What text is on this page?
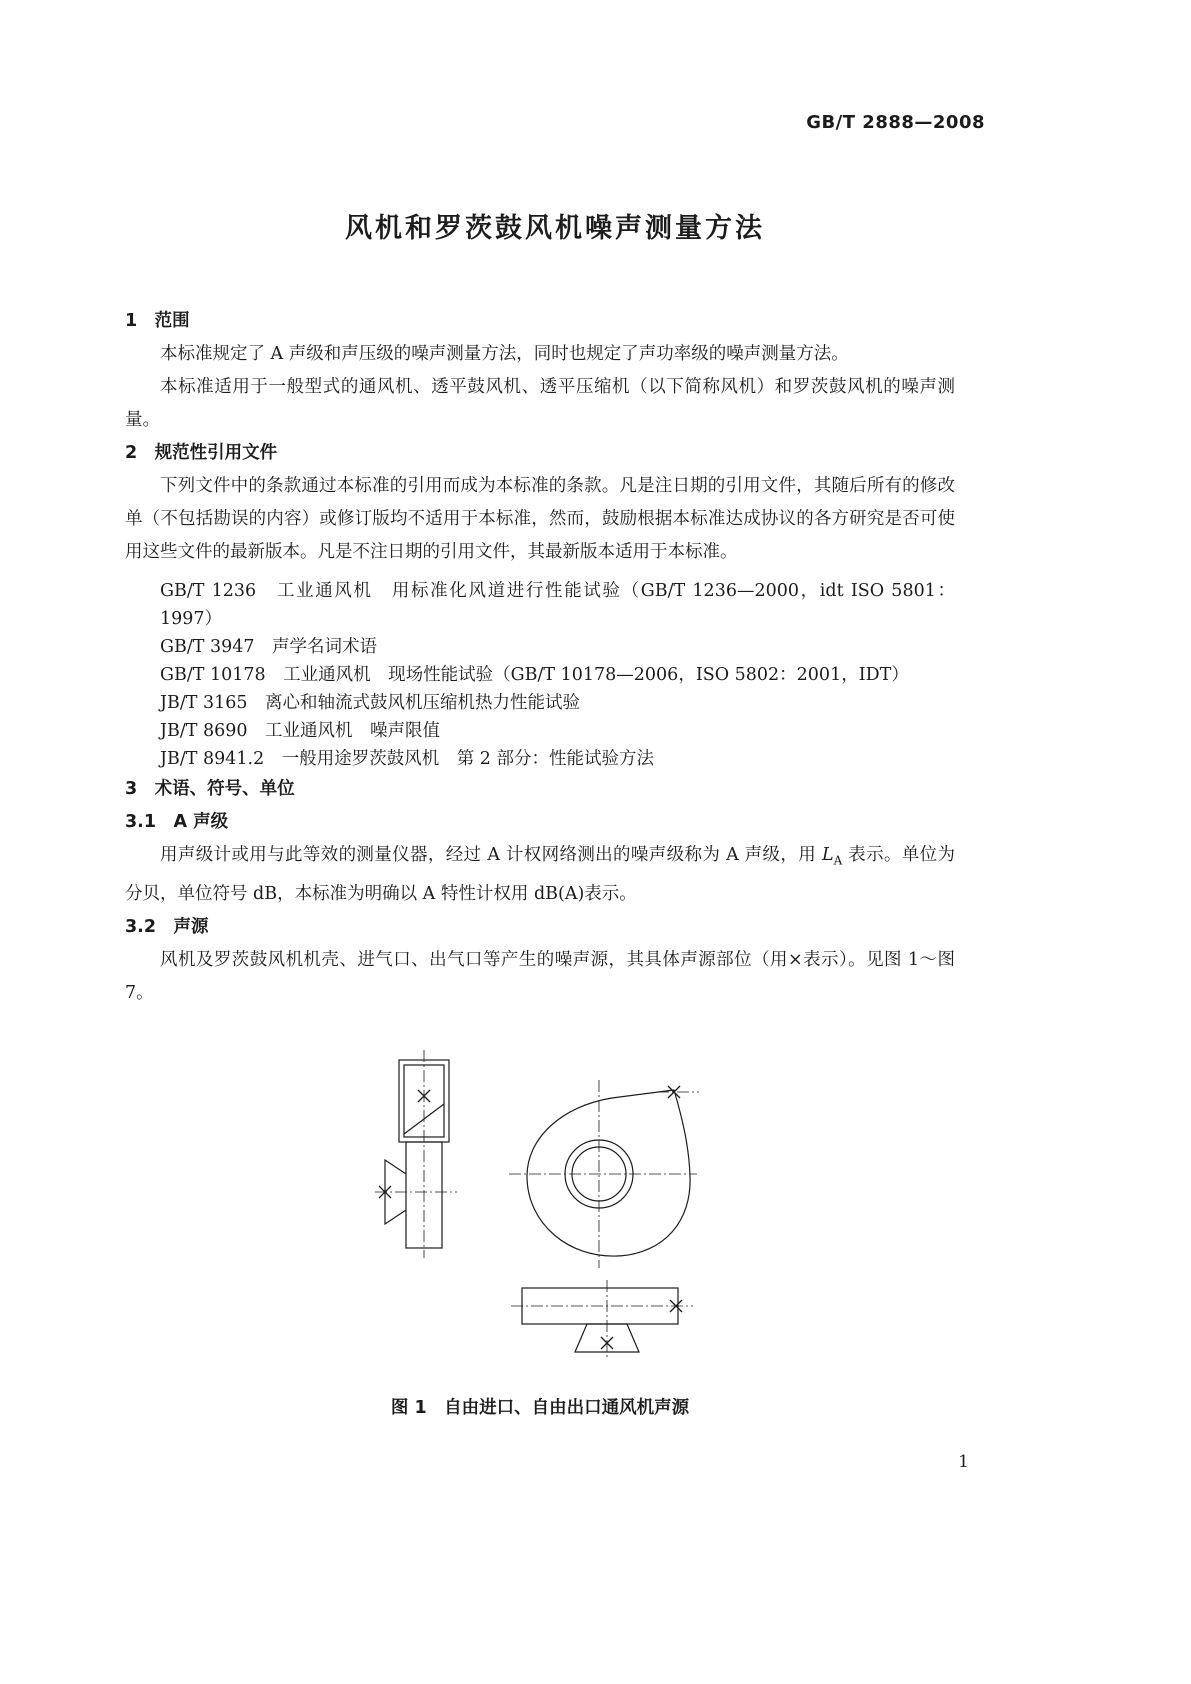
GB/T 2888—2008
风机和罗茨鼓风机噪声测量方法
1　范围

本标准规定了 A 声级和声压级的噪声测量方法，同时也规定了声功率级的噪声测量方法。

本标准适用于一般型式的通风机、透平鼓风机、透平压缩机（以下简称风机）和罗茨鼓风机的噪声测量。

2　规范性引用文件

下列文件中的条款通过本标准的引用而成为本标准的条款。凡是注日期的引用文件，其随后所有的修改单（不包括勘误的内容）或修订版均不适用于本标准，然而，鼓励根据本标准达成协议的各方研究是否可使用这些文件的最新版本。凡是不注日期的引用文件，其最新版本适用于本标准。

GB/T 1236　工业通风机　用标准化风道进行性能试验（GB/T 1236—2000，idt ISO 5801：1997）
GB/T 3947　声学名词术语
GB/T 10178　工业通风机　现场性能试验（GB/T 10178—2006，ISO 5802：2001，IDT）
JB/T 3165　离心和轴流式鼓风机压缩机热力性能试验
JB/T 8690　工业通风机　噪声限值
JB/T 8941.2　一般用途罗茨鼓风机　第 2 部分：性能试验方法
3　术语、符号、单位
3.1　A 声级

用声级计或用与此等效的测量仪器，经过 A 计权网络测出的噪声级称为 A 声级，用 $L_A$ 表示。单位为分贝，单位符号 dB，本标准为明确以 A 特性计权用 dB(A)表示。

3.2　声源

风机及罗茨鼓风机机壳、进气口、出气口等产生的噪声源，其具体声源部位（用×表示）。见图 1～图 7。

图 1　自由进口、自由出口通风机声源
1
